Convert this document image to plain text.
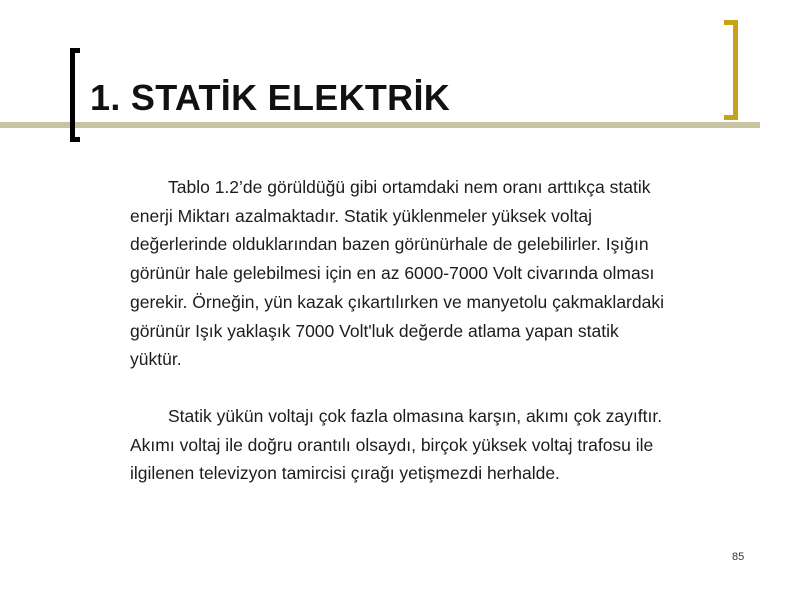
1. STATİK ELEKTRİK

Tablo 1.2’de görüldüğü gibi ortamdaki nem oranı arttıkça statik
enerji Miktarı azalmaktadır. Statik yüklenmeler yüksek voltaj
değerlerinde olduklarından bazen görünürhale de gelebilirler. Işığın
görünür hale gelebilmesi için en az 6000-7000 Volt civarında olması
gerekir. Örneğin, yün kazak çıkartılırken ve manyetolu çakmaklardaki
görünür Işık yaklaşık 7000 Volt'luk değerde atlama yapan statik
yüktür.

Statik yükün voltajı çok fazla olmasına karşın, akımı çok zayıftır.
Akımı voltaj ile doğru orantılı olsaydı, birçok yüksek voltaj trafosu ile
ilgilenen televizyon tamircisi çırağı yetişmezdi herhalde.

85
